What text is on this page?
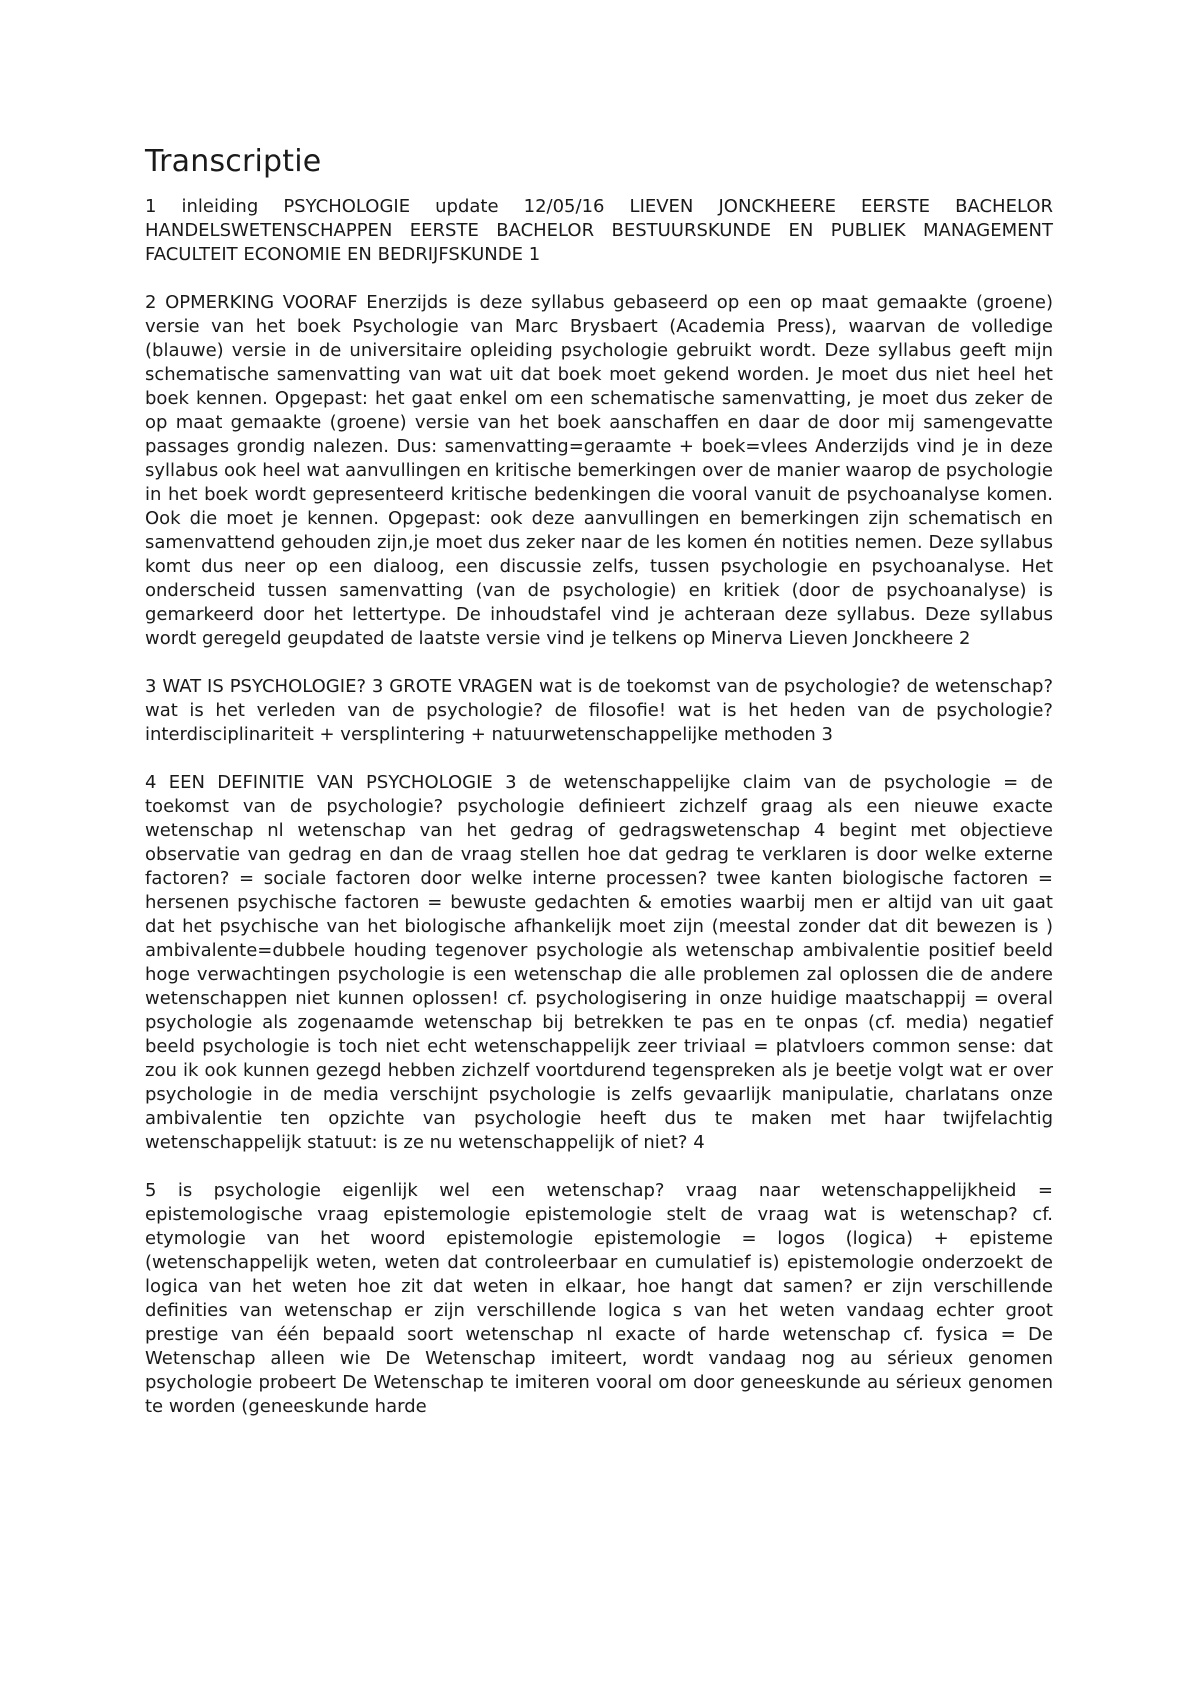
Transcriptie

1 inleiding PSYCHOLOGIE update 12/05/16 LIEVEN JONCKHEERE EERSTE BACHELOR HANDELSWETENSCHAPPEN EERSTE BACHELOR BESTUURSKUNDE EN PUBLIEK MANAGEMENT FACULTEIT ECONOMIE EN BEDRIJFSKUNDE 1

2 OPMERKING VOORAF Enerzijds is deze syllabus gebaseerd op een op maat gemaakte (groene) versie van het boek Psychologie van Marc Brysbaert (Academia Press), waarvan de volledige (blauwe) versie in de universitaire opleiding psychologie gebruikt wordt. Deze syllabus geeft mijn schematische samenvatting van wat uit dat boek moet gekend worden. Je moet dus niet heel het boek kennen. Opgepast: het gaat enkel om een schematische samenvatting, je moet dus zeker de op maat gemaakte (groene) versie van het boek aanschaffen en daar de door mij samengevatte passages grondig nalezen. Dus: samenvatting=geraamte + boek=vlees Anderzijds vind je in deze syllabus ook heel wat aanvullingen en kritische bemerkingen over de manier waarop de psychologie in het boek wordt gepresenteerd kritische bedenkingen die vooral vanuit de psychoanalyse komen. Ook die moet je kennen. Opgepast: ook deze aanvullingen en bemerkingen zijn schematisch en samenvattend gehouden zijn,je moet dus zeker naar de les komen én notities nemen. Deze syllabus komt dus neer op een dialoog, een discussie zelfs, tussen psychologie en psychoanalyse. Het onderscheid tussen samenvatting (van de psychologie) en kritiek (door de psychoanalyse) is gemarkeerd door het lettertype. De inhoudstafel vind je achteraan deze syllabus. Deze syllabus wordt geregeld geupdated de laatste versie vind je telkens op Minerva Lieven Jonckheere 2

3 WAT IS PSYCHOLOGIE? 3 GROTE VRAGEN wat is de toekomst van de psychologie? de wetenschap? wat is het verleden van de psychologie? de filosofie! wat is het heden van de psychologie? interdisciplinariteit + versplintering + natuurwetenschappelijke methoden 3

4 EEN DEFINITIE VAN PSYCHOLOGIE 3 de wetenschappelijke claim van de psychologie = de toekomst van de psychologie? psychologie definieert zichzelf graag als een nieuwe exacte wetenschap nl wetenschap van het gedrag of gedragswetenschap 4 begint met objectieve observatie van gedrag en dan de vraag stellen hoe dat gedrag te verklaren is door welke externe factoren? = sociale factoren door welke interne processen? twee kanten biologische factoren = hersenen psychische factoren = bewuste gedachten & emoties waarbij men er altijd van uit gaat dat het psychische van het biologische afhankelijk moet zijn (meestal zonder dat dit bewezen is ) ambivalente=dubbele houding tegenover psychologie als wetenschap ambivalentie positief beeld hoge verwachtingen psychologie is een wetenschap die alle problemen zal oplossen die de andere wetenschappen niet kunnen oplossen! cf. psychologisering in onze huidige maatschappij = overal psychologie als zogenaamde wetenschap bij betrekken te pas en te onpas (cf. media) negatief beeld psychologie is toch niet echt wetenschappelijk zeer triviaal = platvloers common sense: dat zou ik ook kunnen gezegd hebben zichzelf voortdurend tegenspreken als je beetje volgt wat er over psychologie in de media verschijnt psychologie is zelfs gevaarlijk manipulatie, charlatans onze ambivalentie ten opzichte van psychologie heeft dus te maken met haar twijfelachtig wetenschappelijk statuut: is ze nu wetenschappelijk of niet? 4

5 is psychologie eigenlijk wel een wetenschap? vraag naar wetenschappelijkheid = epistemologische vraag epistemologie epistemologie stelt de vraag wat is wetenschap? cf. etymologie van het woord epistemologie epistemologie = logos (logica) + episteme (wetenschappelijk weten, weten dat controleerbaar en cumulatief is) epistemologie onderzoekt de logica van het weten hoe zit dat weten in elkaar, hoe hangt dat samen? er zijn verschillende definities van wetenschap er zijn verschillende logica s van het weten vandaag echter groot prestige van één bepaald soort wetenschap nl exacte of harde wetenschap cf. fysica = De Wetenschap alleen wie De Wetenschap imiteert, wordt vandaag nog au sérieux genomen psychologie probeert De Wetenschap te imiteren vooral om door geneeskunde au sérieux genomen te worden (geneeskunde harde
